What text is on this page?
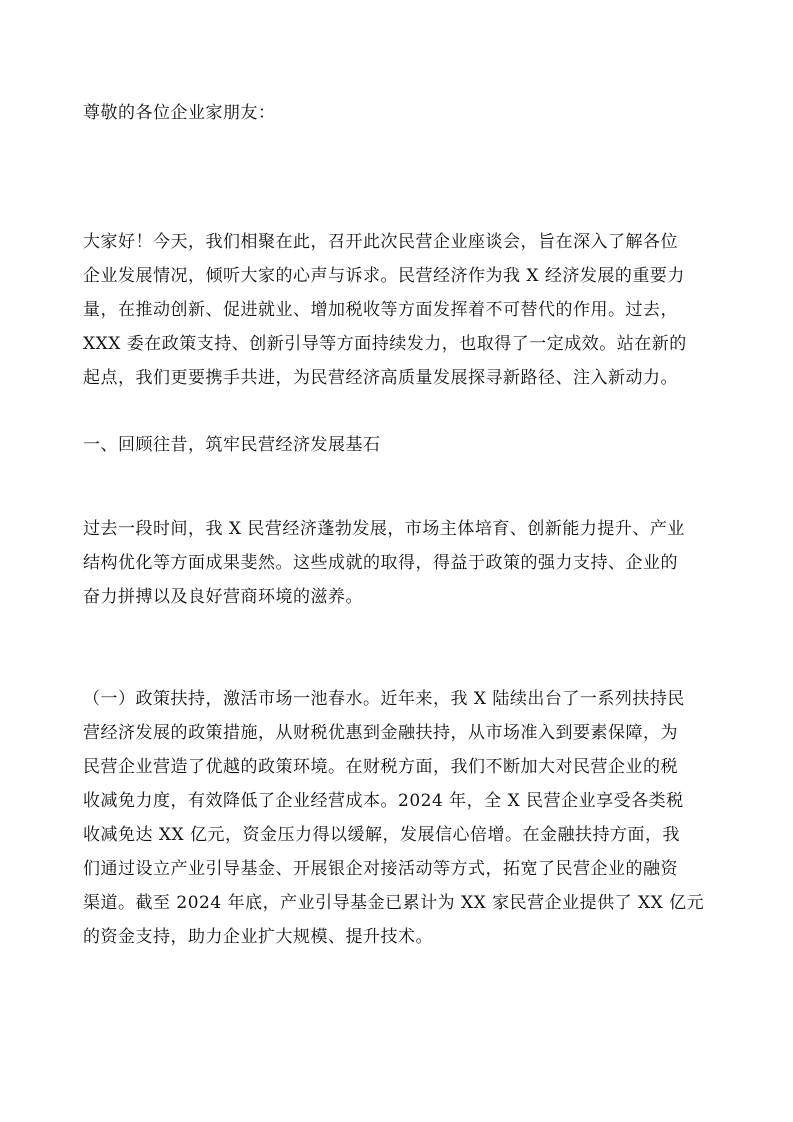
尊敬的各位企业家朋友：
大家好！今天，我们相聚在此，召开此次民营企业座谈会，旨在深入了解各位
企业发展情况，倾听大家的心声与诉求。民营经济作为我 X 经济发展的重要力
量，在推动创新、促进就业、增加税收等方面发挥着不可替代的作用。过去，
XXX 委在政策支持、创新引导等方面持续发力，也取得了一定成效。站在新的
起点，我们更要携手共进，为民营经济高质量发展探寻新路径、注入新动力。
一、回顾往昔，筑牢民营经济发展基石
过去一段时间，我 X 民营经济蓬勃发展，市场主体培育、创新能力提升、产业
结构优化等方面成果斐然。这些成就的取得，得益于政策的强力支持、企业的
奋力拼搏以及良好营商环境的滋养。
（一）政策扶持，激活市场一池春水。近年来，我 X 陆续出台了一系列扶持民
营经济发展的政策措施，从财税优惠到金融扶持，从市场准入到要素保障，为
民营企业营造了优越的政策环境。在财税方面，我们不断加大对民营企业的税
收减免力度，有效降低了企业经营成本。2024 年，全 X 民营企业享受各类税
收减免达 XX 亿元，资金压力得以缓解，发展信心倍增。在金融扶持方面，我
们通过设立产业引导基金、开展银企对接活动等方式，拓宽了民营企业的融资
渠道。截至 2024 年底，产业引导基金已累计为 XX 家民营企业提供了 XX 亿元
的资金支持，助力企业扩大规模、提升技术。
